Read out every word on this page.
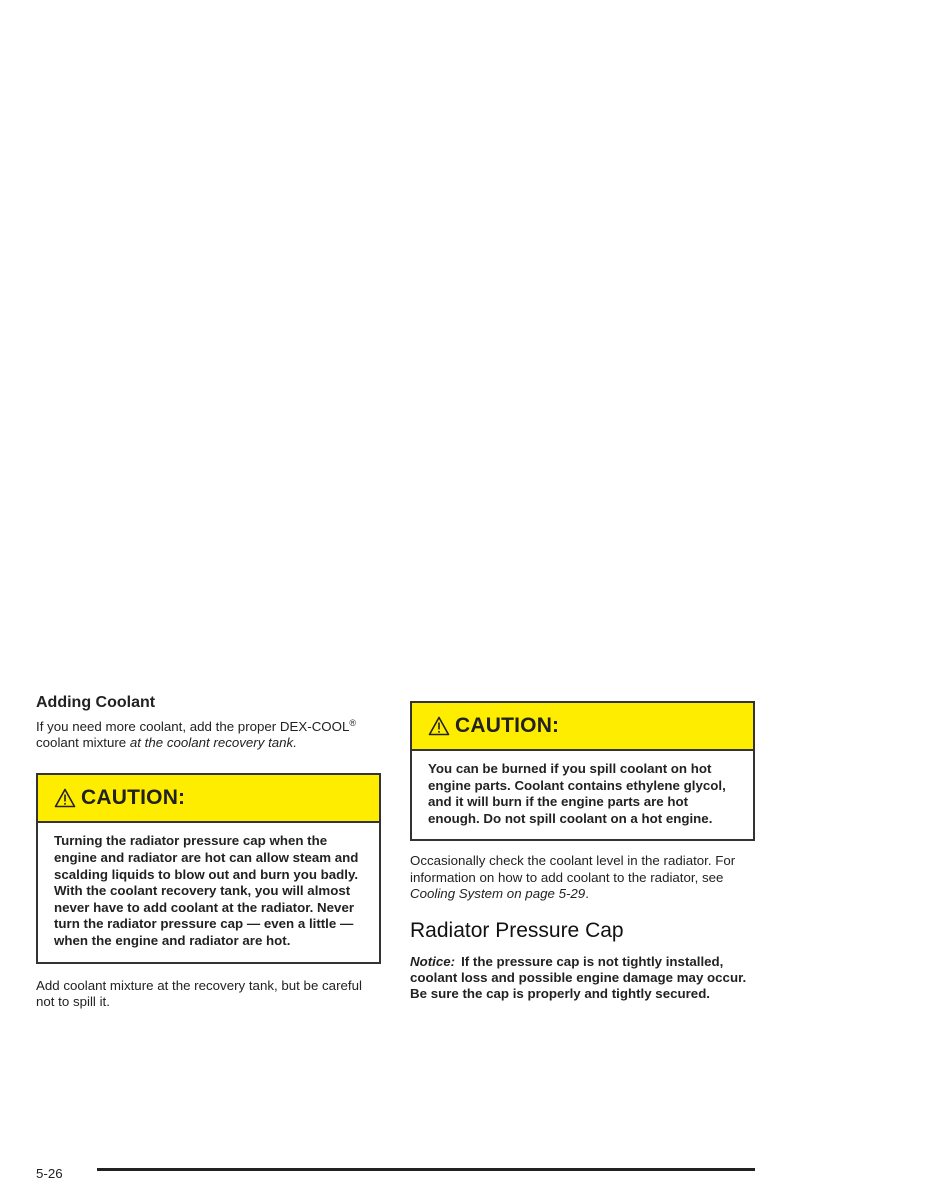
Adding Coolant

If you need more coolant, add the proper DEX-COOL® coolant mixture at the coolant recovery tank.

CAUTION:
Turning the radiator pressure cap when the engine and radiator are hot can allow steam and scalding liquids to blow out and burn you badly. With the coolant recovery tank, you will almost never have to add coolant at the radiator. Never turn the radiator pressure cap — even a little — when the engine and radiator are hot.

Add coolant mixture at the recovery tank, but be careful not to spill it.

CAUTION:
You can be burned if you spill coolant on hot engine parts. Coolant contains ethylene glycol, and it will burn if the engine parts are hot enough. Do not spill coolant on a hot engine.

Occasionally check the coolant level in the radiator. For information on how to add coolant to the radiator, see Cooling System on page 5-29.

Radiator Pressure Cap

Notice: If the pressure cap is not tightly installed, coolant loss and possible engine damage may occur. Be sure the cap is properly and tightly secured.

5-26
